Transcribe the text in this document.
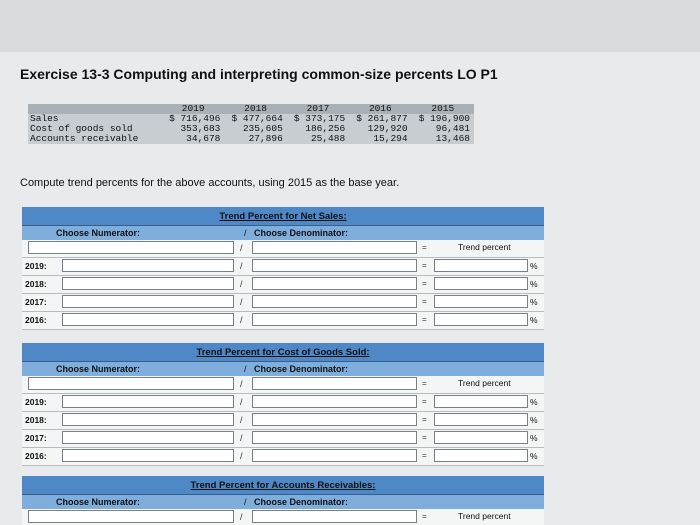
Exercise 13-3 Computing and interpreting common-size percents LO P1
	2019	2018	2017	2016	2015
Sales	$ 716,496	$ 477,664	$ 373,175	$ 261,877	$ 196,900
Cost of goods sold	353,683	235,605	186,256	129,920	96,481
Accounts receivable	34,678	27,896	25,488	15,294	13,468
Compute trend percents for the above accounts, using 2015 as the base year.
Trend Percent for Net Sales:
Choose Numerator:	/ Choose Denominator:
/	=	Trend percent
2019:	/	=	%
2018:	/	=	%
2017:	/	=	%
2016:	/	=	%
Trend Percent for Cost of Goods Sold:
Choose Numerator:	/ Choose Denominator:
/	=	Trend percent
2019:	/	=	%
2018:	/	=	%
2017:	/	=	%
2016:	/	=	%
Trend Percent for Accounts Receivables:
Choose Numerator:	/ Choose Denominator:
/	=	Trend percent
